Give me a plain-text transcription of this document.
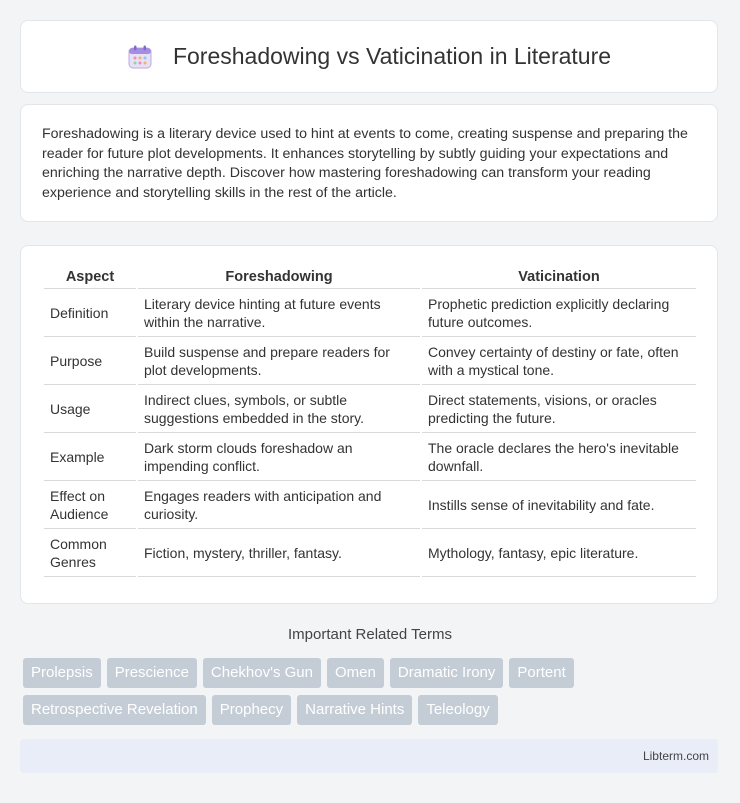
Foreshadowing vs Vaticination in Literature

Foreshadowing is a literary device used to hint at events to come, creating suspense and preparing the reader for future plot developments. It enhances storytelling by subtly guiding your expectations and enriching the narrative depth. Discover how mastering foreshadowing can transform your reading experience and storytelling skills in the rest of the article.

Aspect	Foreshadowing	Vaticination
Definition	Literary device hinting at future events within the narrative.	Prophetic prediction explicitly declaring future outcomes.
Purpose	Build suspense and prepare readers for plot developments.	Convey certainty of destiny or fate, often with a mystical tone.
Usage	Indirect clues, symbols, or subtle suggestions embedded in the story.	Direct statements, visions, or oracles predicting the future.
Example	Dark storm clouds foreshadow an impending conflict.	The oracle declares the hero's inevitable downfall.
Effect on Audience	Engages readers with anticipation and curiosity.	Instills sense of inevitability and fate.
Common Genres	Fiction, mystery, thriller, fantasy.	Mythology, fantasy, epic literature.
Important Related Terms
Prolepsis	Prescience	Chekhov's Gun	Omen	Dramatic Irony	Portent
Retrospective Revelation	Prophecy	Narrative Hints	Teleology
Libterm.com
